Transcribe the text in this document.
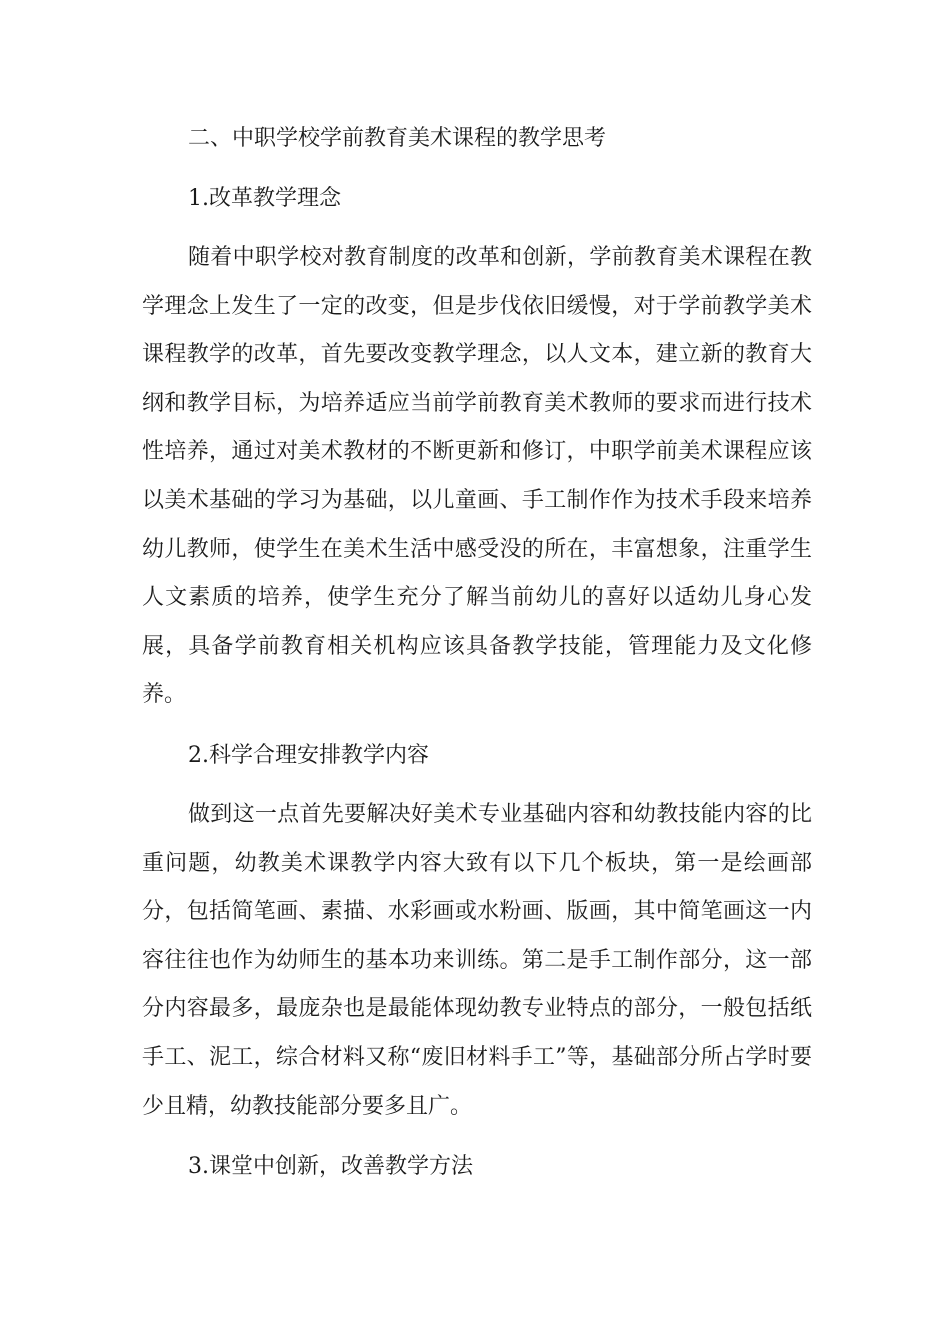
二、中职学校学前教育美术课程的教学思考

1.改革教学理念

随着中职学校对教育制度的改革和创新，学前教育美术课程在教学理念上发生了一定的改变，但是步伐依旧缓慢，对于学前教学美术课程教学的改革，首先要改变教学理念，以人文本，建立新的教育大纲和教学目标，为培养适应当前学前教育美术教师的要求而进行技术性培养，通过对美术教材的不断更新和修订，中职学前美术课程应该以美术基础的学习为基础，以儿童画、手工制作作为技术手段来培养幼儿教师，使学生在美术生活中感受没的所在，丰富想象，注重学生人文素质的培养，使学生充分了解当前幼儿的喜好以适幼儿身心发展，具备学前教育相关机构应该具备教学技能，管理能力及文化修养。

2.科学合理安排教学内容

做到这一点首先要解决好美术专业基础内容和幼教技能内容的比重问题，幼教美术课教学内容大致有以下几个板块，第一是绘画部分，包括简笔画、素描、水彩画或水粉画、版画，其中简笔画这一内容往往也作为幼师生的基本功来训练。第二是手工制作部分，这一部分内容最多，最庞杂也是最能体现幼教专业特点的部分，一般包括纸手工、泥工，综合材料又称“废旧材料手工”等，基础部分所占学时要少且精，幼教技能部分要多且广。

3.课堂中创新，改善教学方法
